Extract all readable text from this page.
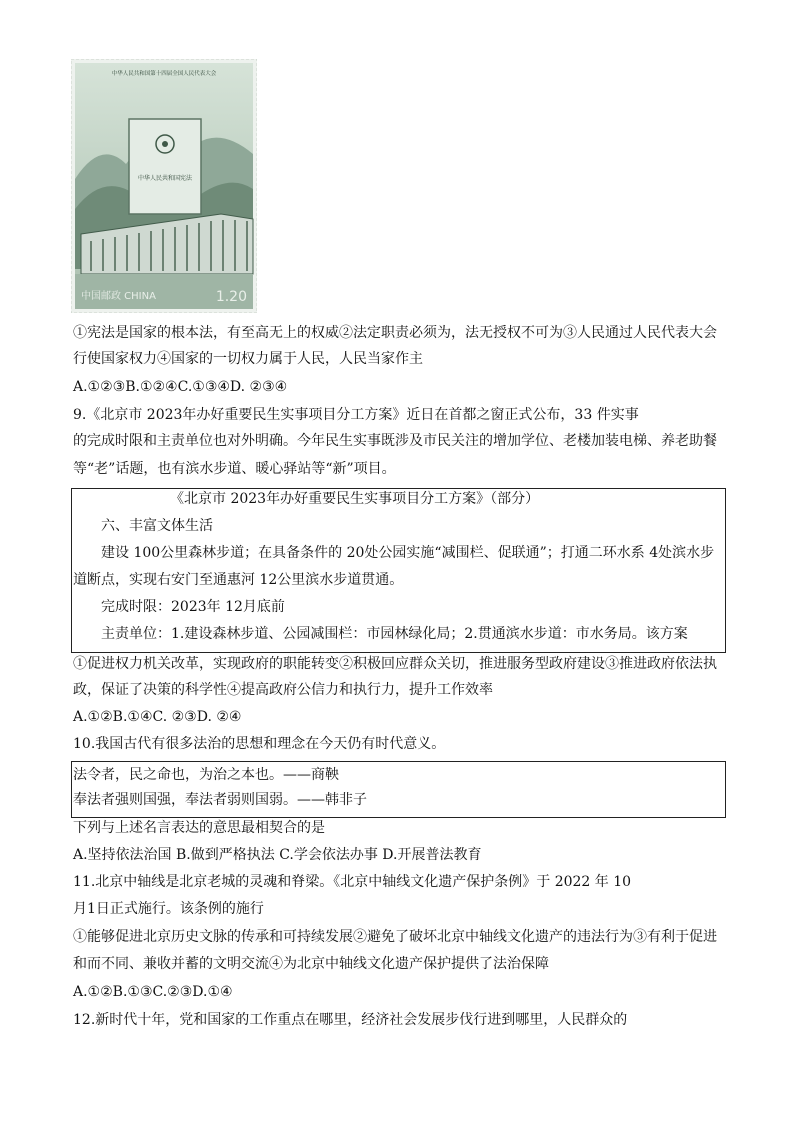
中华人民共和国宪法
中华人民共和国第十四届全国人民代表大会
中国邮政 CHINA	1.20
①宪法是国家的根本法，有至高无上的权威②法定职责必须为，法无授权不可为③人民通过人民代表大会
行使国家权力④国家的一切权力属于人民，人民当家作主
A.①②③B.①②④C.①③④D. ②③④
9.《北京市 2023年办好重要民生实事项目分工方案》近日在首都之窗正式公布，33 件实事
的完成时限和主责单位也对外明确。今年民生实事既涉及市民关注的增加学位、老楼加装电梯、养老助餐
等“老”话题，也有滨水步道、暖心驿站等“新”项目。
《北京市 2023年办好重要民生实事项目分工方案》（部分）
六、丰富文体生活
建设 100公里森林步道；在具备条件的 20处公园实施“减围栏、促联通”；打通二环水系 4处滨水步
道断点，实现右安门至通惠河 12公里滨水步道贯通。
完成时限：2023年 12月底前
主责单位：1.建设森林步道、公园减围栏：市园林绿化局；2.贯通滨水步道：市水务局。该方案
①促进权力机关改革，实现政府的职能转变②积极回应群众关切，推进服务型政府建设③推进政府依法执
政，保证了决策的科学性④提高政府公信力和执行力，提升工作效率
A.①②B.①④C. ②③D. ②④
10.我国古代有很多法治的思想和理念在今天仍有时代意义。
法令者，民之命也，为治之本也。——商鞅
奉法者强则国强，奉法者弱则国弱。——韩非子
下列与上述名言表达的意思最相契合的是
A.坚持依法治国 B.做到严格执法 C.学会依法办事 D.开展普法教育
11.北京中轴线是北京老城的灵魂和脊梁。《北京中轴线文化遗产保护条例》于 2022 年 10
月1日正式施行。该条例的施行
①能够促进北京历史文脉的传承和可持续发展②避免了破坏北京中轴线文化遗产的违法行为③有利于促进
和而不同、兼收并蓄的文明交流④为北京中轴线文化遗产保护提供了法治保障
A.①②B.①③C.②③D.①④
12.新时代十年，党和国家的工作重点在哪里，经济社会发展步伐行进到哪里，人民群众的
